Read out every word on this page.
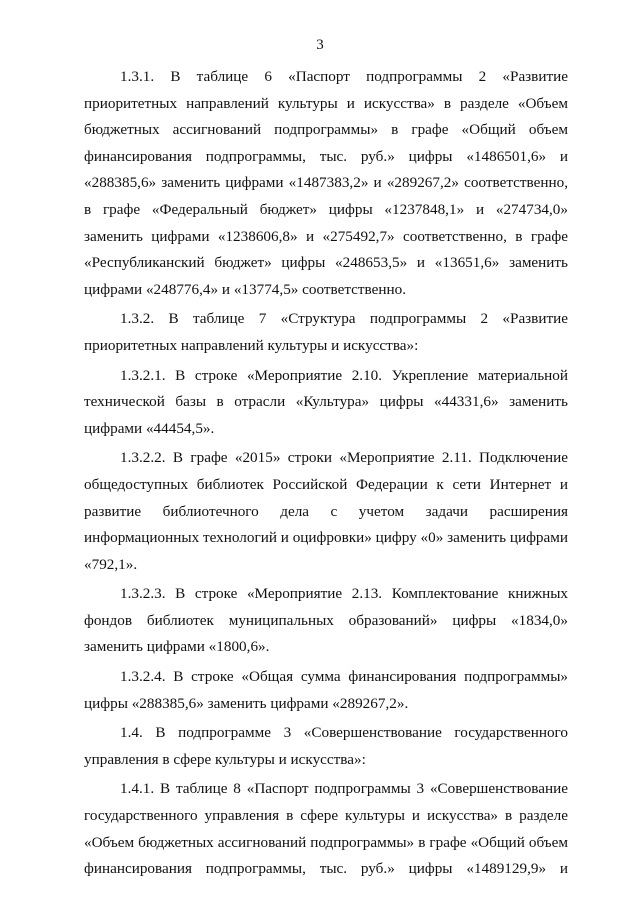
3

1.3.1. В таблице 6 «Паспорт подпрограммы 2 «Развитие приоритетных направлений культуры и искусства» в разделе «Объем бюджетных ассигнований подпрограммы» в графе «Общий объем финансирования подпрограммы, тыс. руб.» цифры «1486501,6» и «288385,6» заменить цифрами «1487383,2» и «289267,2» соответственно, в графе «Федеральный бюджет» цифры «1237848,1» и «274734,0» заменить цифрами «1238606,8» и «275492,7» соответственно, в графе «Республиканский бюджет» цифры «248653,5» и «13651,6» заменить цифрами «248776,4» и «13774,5» соответственно.

1.3.2. В таблице 7 «Структура подпрограммы 2 «Развитие приоритетных направлений культуры и искусства»:

1.3.2.1. В строке «Мероприятие 2.10. Укрепление материальной технической базы в отрасли «Культура» цифры «44331,6» заменить цифрами «44454,5».

1.3.2.2. В графе «2015» строки «Мероприятие 2.11. Подключение общедоступных библиотек Российской Федерации к сети Интернет и развитие библиотечного дела с учетом задачи расширения информационных технологий и оцифровки» цифру «0» заменить цифрами «792,1».

1.3.2.3. В строке «Мероприятие 2.13. Комплектование книжных фондов библиотек муниципальных образований» цифры «1834,0» заменить цифрами «1800,6».

1.3.2.4. В строке «Общая сумма финансирования подпрограммы» цифры «288385,6» заменить цифрами «289267,2».

1.4. В подпрограмме 3 «Совершенствование государственного управления в сфере культуры и искусства»:

1.4.1. В таблице 8 «Паспорт подпрограммы 3 «Совершенствование государственного управления в сфере культуры и искусства» в разделе «Объем бюджетных ассигнований подпрограммы» в графе «Общий объем финансирования подпрограммы, тыс. руб.» цифры «1489129,9» и
